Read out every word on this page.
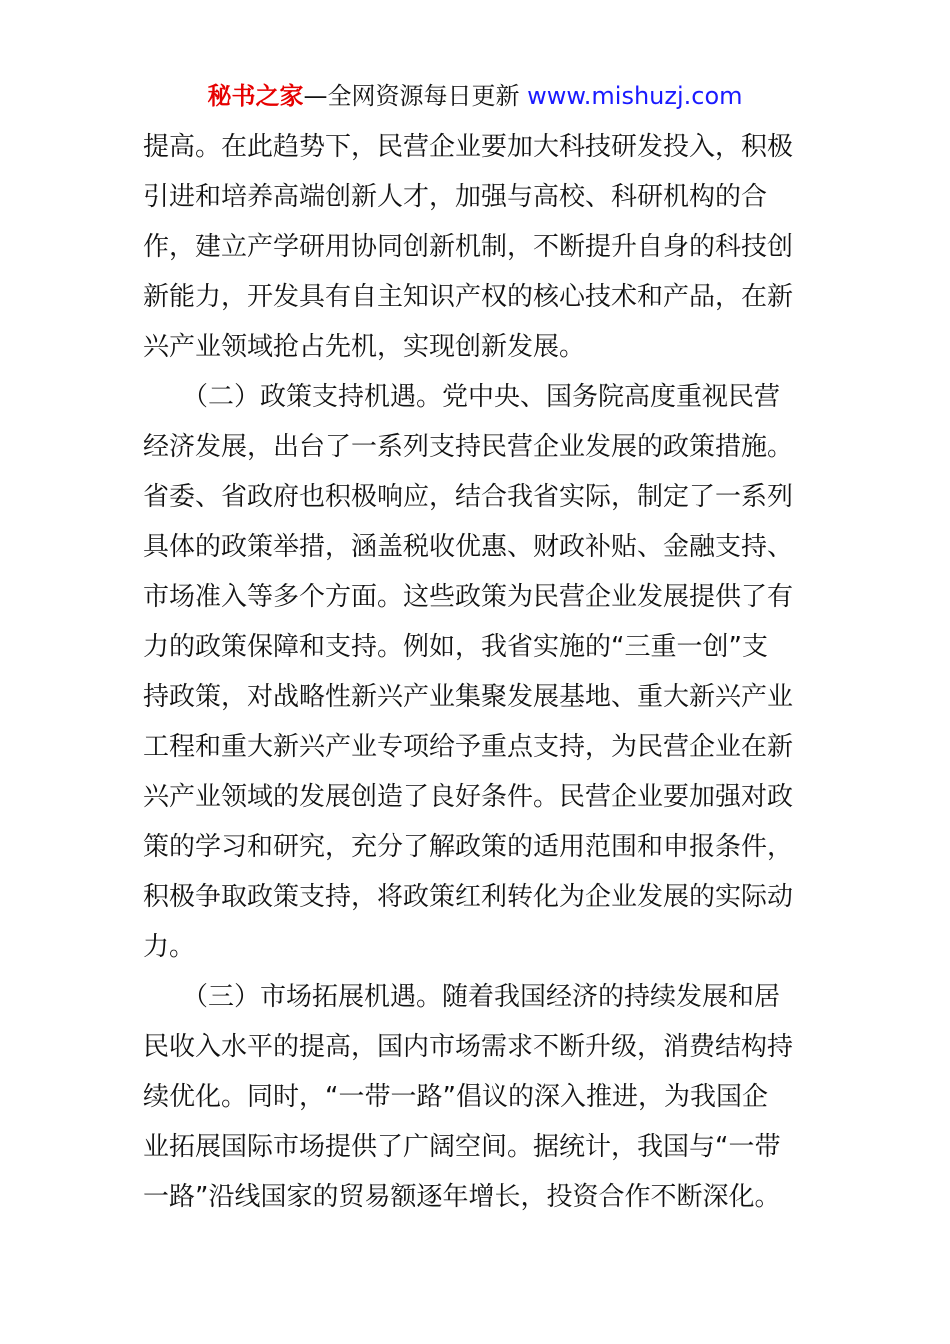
秘书之家—全网资源每日更新 www.mishuzj.com
提高。在此趋势下，民营企业要加大科技研发投入，积极
引进和培养高端创新人才，加强与高校、科研机构的合
作，建立产学研用协同创新机制，不断提升自身的科技创
新能力，开发具有自主知识产权的核心技术和产品，在新
兴产业领域抢占先机，实现创新发展。
　　（二）政策支持机遇。党中央、国务院高度重视民营
经济发展，出台了一系列支持民营企业发展的政策措施。
省委、省政府也积极响应，结合我省实际，制定了一系列
具体的政策举措，涵盖税收优惠、财政补贴、金融支持、
市场准入等多个方面。这些政策为民营企业发展提供了有
力的政策保障和支持。例如，我省实施的“三重一创”支
持政策，对战略性新兴产业集聚发展基地、重大新兴产业
工程和重大新兴产业专项给予重点支持，为民营企业在新
兴产业领域的发展创造了良好条件。民营企业要加强对政
策的学习和研究，充分了解政策的适用范围和申报条件，
积极争取政策支持，将政策红利转化为企业发展的实际动
力。
　　（三）市场拓展机遇。随着我国经济的持续发展和居
民收入水平的提高，国内市场需求不断升级，消费结构持
续优化。同时，“一带一路”倡议的深入推进，为我国企
业拓展国际市场提供了广阔空间。据统计，我国与“一带
一路”沿线国家的贸易额逐年增长，投资合作不断深化。
